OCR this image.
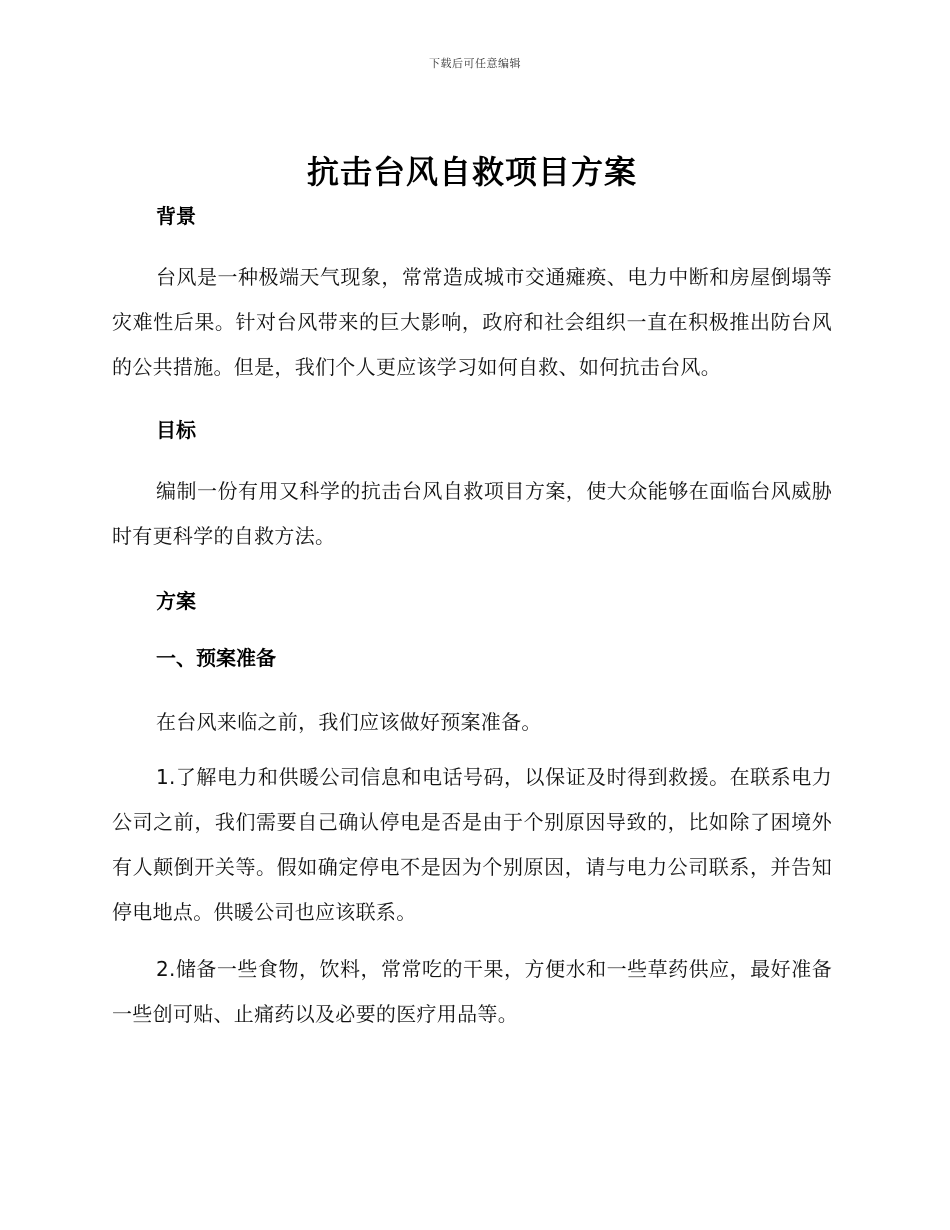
下载后可任意编辑
抗击台风自救项目方案
背景

台风是一种极端天气现象，常常造成城市交通瘫痪、电力中断和房屋倒塌等灾难性后果。针对台风带来的巨大影响，政府和社会组织一直在积极推出防台风的公共措施。但是，我们个人更应该学习如何自救、如何抗击台风。

目标

编制一份有用又科学的抗击台风自救项目方案，使大众能够在面临台风威胁时有更科学的自救方法。

方案
一、预案准备

在台风来临之前，我们应该做好预案准备。

1.了解电力和供暖公司信息和电话号码，以保证及时得到救援。在联系电力公司之前，我们需要自己确认停电是否是由于个别原因导致的，比如除了困境外有人颠倒开关等。假如确定停电不是因为个别原因，请与电力公司联系，并告知停电地点。供暖公司也应该联系。

2.储备一些食物，饮料，常常吃的干果，方便水和一些草药供应，最好准备一些创可贴、止痛药以及必要的医疗用品等。
